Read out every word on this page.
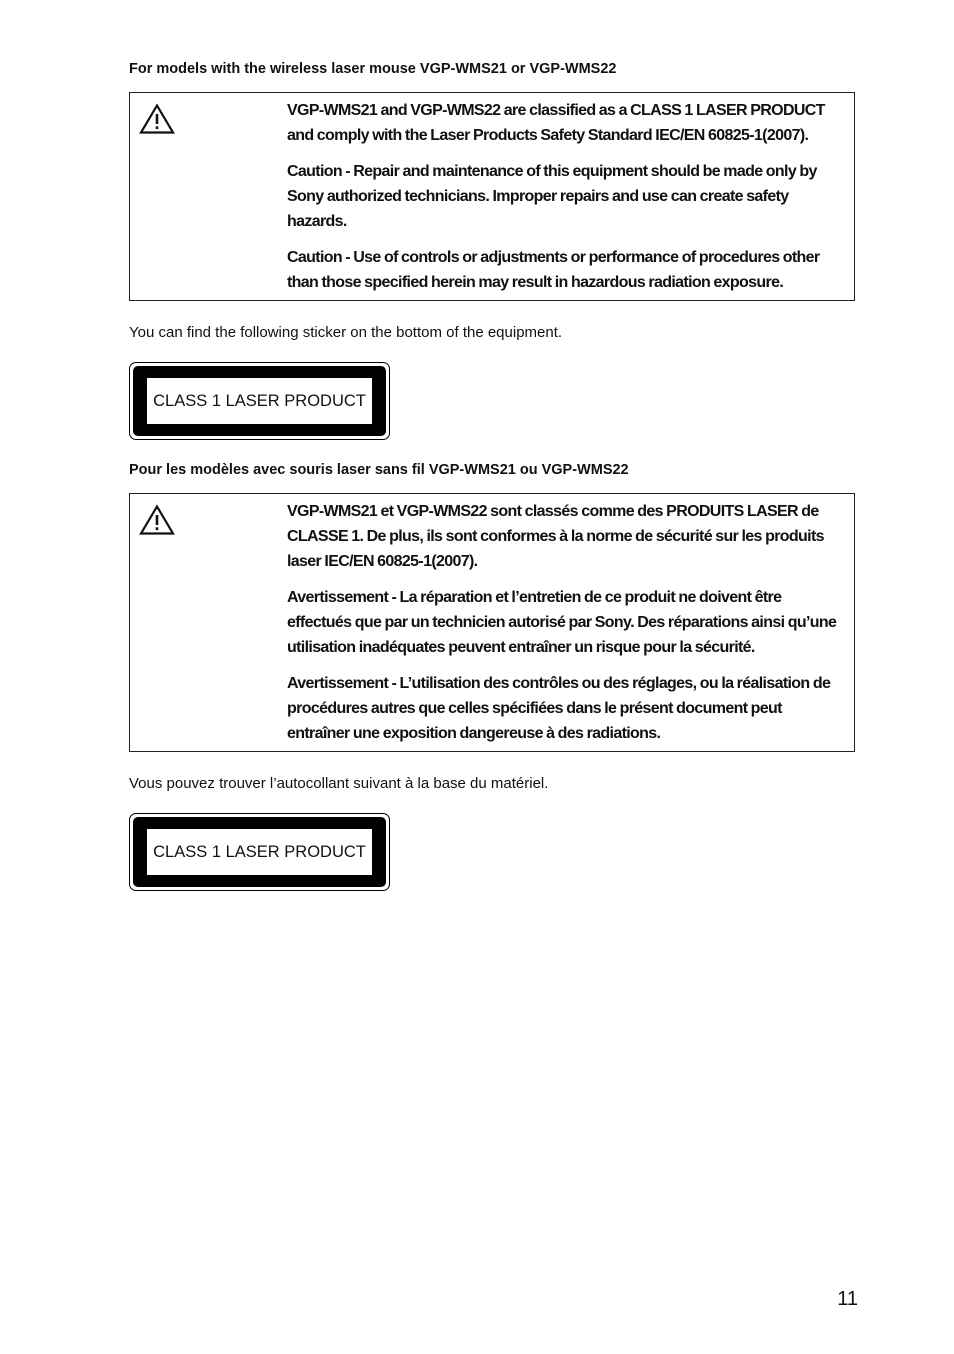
For models with the wireless laser mouse VGP-WMS21 or VGP-WMS22

VGP-WMS21 and VGP-WMS22 are classified as a CLASS 1 LASER PRODUCT and comply with the Laser Products Safety Standard IEC/EN 60825-1(2007).

Caution - Repair and maintenance of this equipment should be made only by Sony authorized technicians. Improper repairs and use can create safety hazards.

Caution - Use of controls or adjustments or performance of procedures other than those specified herein may result in hazardous radiation exposure.

You can find the following sticker on the bottom of the equipment.

CLASS 1 LASER PRODUCT
Pour les modèles avec souris laser sans fil VGP-WMS21 ou VGP-WMS22

VGP-WMS21 et VGP-WMS22 sont classés comme des PRODUITS LASER de CLASSE 1. De plus, ils sont conformes à la norme de sécurité sur les produits laser IEC/EN 60825-1(2007).

Avertissement - La réparation et l’entretien de ce produit ne doivent être effectués que par un technicien autorisé par Sony. Des réparations ainsi qu’une utilisation inadéquates peuvent entraîner un risque pour la sécurité.

Avertissement - L’utilisation des contrôles ou des réglages, ou la réalisation de procédures autres que celles spécifiées dans le présent document peut entraîner une exposition dangereuse à des radiations.

Vous pouvez trouver l’autocollant suivant à la base du matériel.

CLASS 1 LASER PRODUCT
11
